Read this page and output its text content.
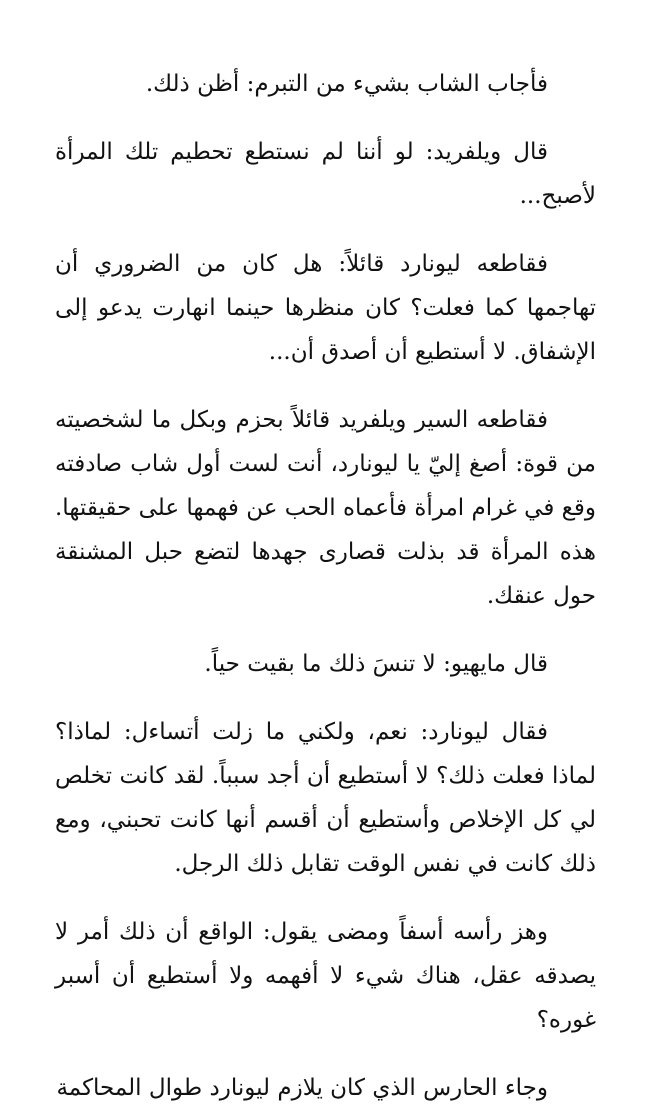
فأجاب الشاب بشيء من التبرم: أظن ذلك.

قال ويلفريد: لو أننا لم نستطع تحطيم تلك المرأة لأصبح...

فقاطعه ليونارد قائلاً: هل كان من الضروري أن تهاجمها كما فعلت؟ كان منظرها حينما انهارت يدعو إلى الإشفاق. لا أستطيع أن أصدق أن...

فقاطعه السير ويلفريد قائلاً بحزم وبكل ما لشخصيته من قوة: أصغ إليّ يا ليونارد، أنت لست أول شاب صادفته وقع في غرام امرأة فأعماه الحب عن فهمها على حقيقتها. هذه المرأة قد بذلت قصارى جهدها لتضع حبل المشنقة حول عنقك.

قال مايهيو: لا تنسَ ذلك ما بقيت حياً.

فقال ليونارد: نعم، ولكني ما زلت أتساءل: لماذا؟ لماذا فعلت ذلك؟ لا أستطيع أن أجد سبباً. لقد كانت تخلص لي كل الإخلاص وأستطيع أن أقسم أنها كانت تحبني، ومع ذلك كانت في نفس الوقت تقابل ذلك الرجل.

وهز رأسه أسفاً ومضى يقول: الواقع أن ذلك أمر لا يصدقه عقل، هناك شيء لا أفهمه ولا أستطيع أن أسبر غوره؟

وجاء الحارس الذي كان يلازم ليونارد طوال المحاكمة
